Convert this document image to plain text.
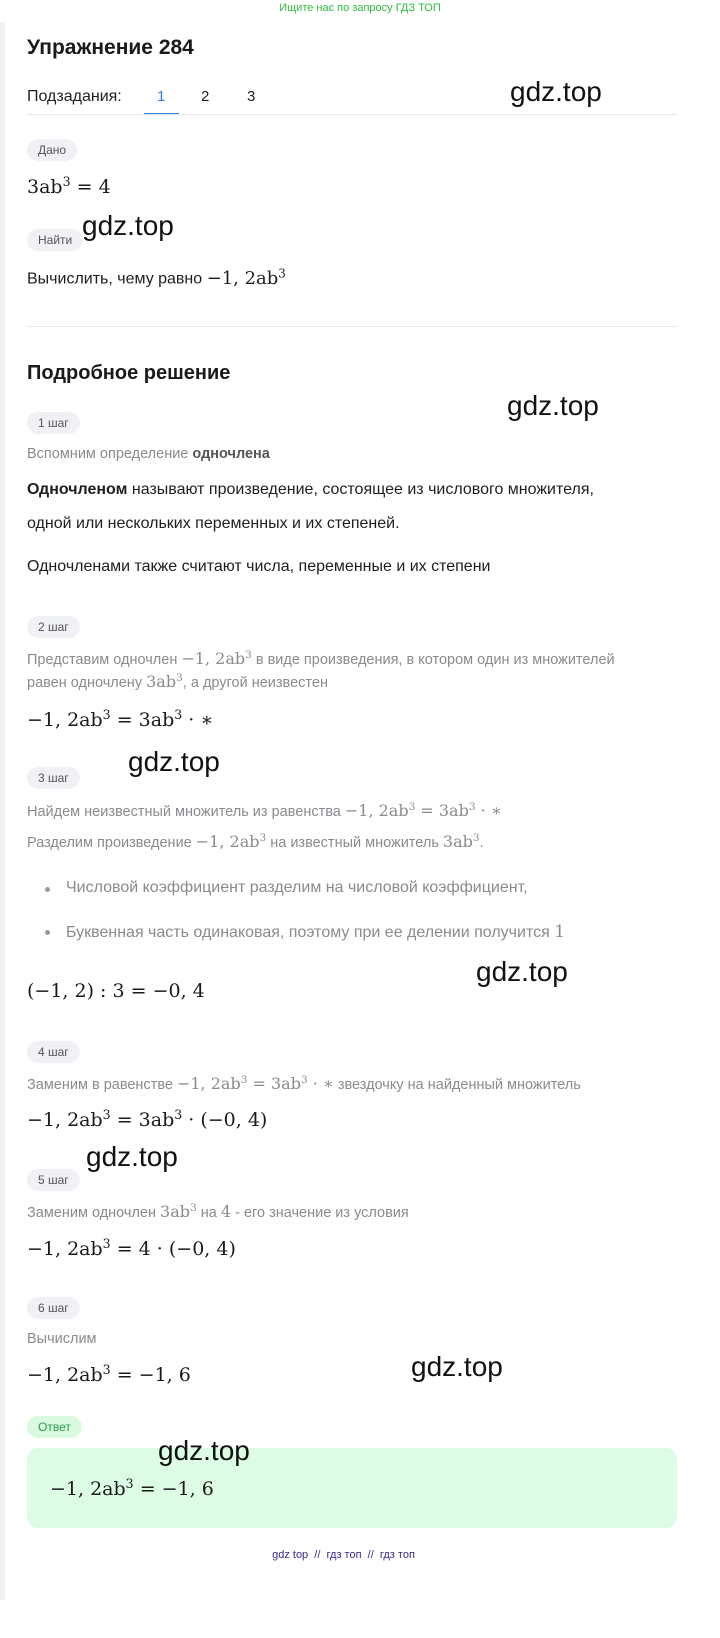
Ищите нас по запросу ГДЗ ТОП
Упражнение 284
Подзадания: 1 2	3	gdz.top
Дано
$3ab^3 = 4$
gdz.top
Найти
Вычислить, чему равно −1, $2ab^3$
Подробное решение
gdz.top
1 шаг
Вспомним определение одночлена
Одночленом называют произведение, состоящее из числового множителя,
одной или нескольких переменных и их степеней.
Одночленами также считают числа, переменные и их степени
2 шаг
Представим одночлен −1, $2ab^3$ в виде произведения, в котором один из множителей
равен одночлену $3ab^3$, а другой неизвестен
−1, $2ab^3 = 3ab^3$ · ∗
gdz.top
3 шаг
Найдем неизвестный множитель из равенства −1, $2ab^3 = 3ab^3$ · ∗
Разделим произведение −1, $2ab^3$ на известный множитель $3ab^3$.
Числовой коэффициент разделим на числовой коэффициент,
Буквенная часть одинаковая, поэтому при ее делении получится 1
(−1, 2) : 3 = −0, 4
gdz.top
4 шаг
Заменим в равенстве −1, $2ab^3 = 3ab^3$ · ∗ звездочку на найденный множитель
−1, $2ab^3 = 3ab^3 \cdot (-0$, 4)
gdz.top
5 шаг
Заменим одночлен $3ab^3$ на 4 - его значение из условия
−1, $2ab^3 = 4 \cdot (-0$, 4)
6 шаг
Вычислим
−1, $2ab^3 = -1$, 6	gdz.top
Ответ
−1, $2ab^3 = -1$, 6
gdz.top
gdz top  //  гдз топ  //  гдз топ
